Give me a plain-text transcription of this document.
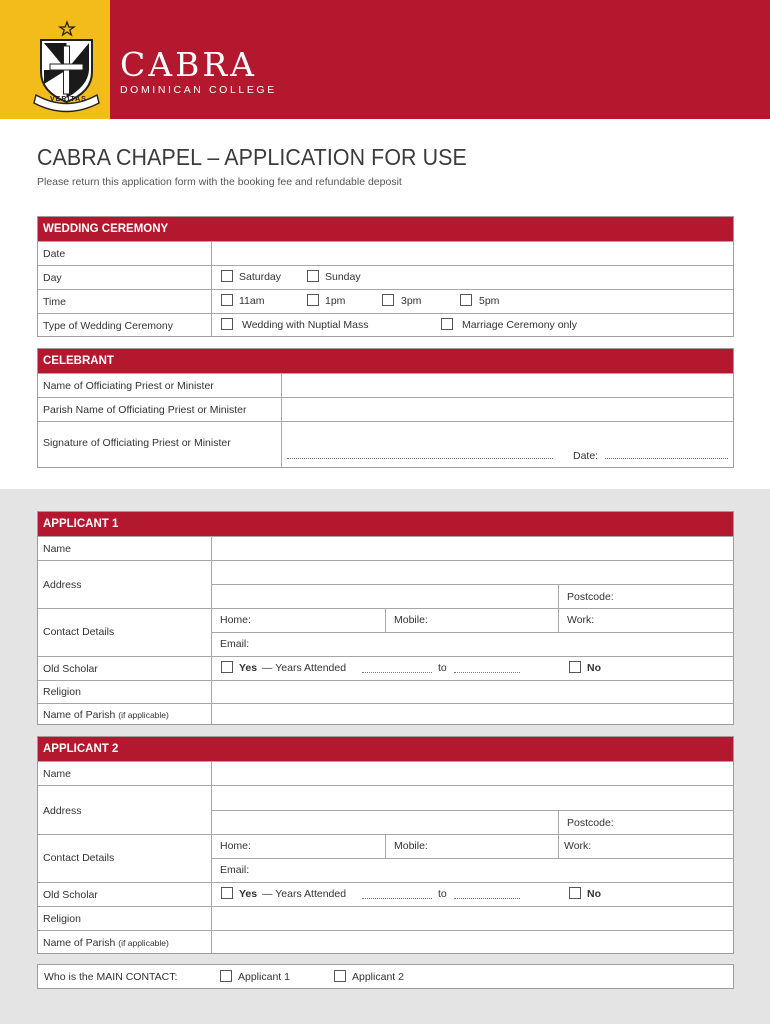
VERITAS
CABRA
DOMINICAN COLLEGE
CABRA CHAPEL – APPLICATION FOR USE
Please return this application form with the booking fee and refundable deposit
WEDDING CEREMONY
Date
Day	Saturday	Sunday
Time	11am	1pm	3pm	5pm
Type of Wedding Ceremony	Wedding with Nuptial Mass	Marriage Ceremony only
CELEBRANT
Name of Officiating Priest or Minister
Parish Name of Officiating Priest or Minister
Signature of Officiating Priest or Minister
Date:
APPLICANT 1
Name
Address
Postcode:
Contact Details
Home:	Mobile:	Work:
Email:
Old Scholar	Yes — Years Attended	to	No
Religion
Name of Parish (if applicable)
APPLICANT 2
Name
Address
Postcode:
Contact Details
Home:	Mobile:	Work:
Email:
Old Scholar	Yes — Years Attended	to	No
Religion
Name of Parish (if applicable)
Who is the MAIN CONTACT:	Applicant 1	Applicant 2
